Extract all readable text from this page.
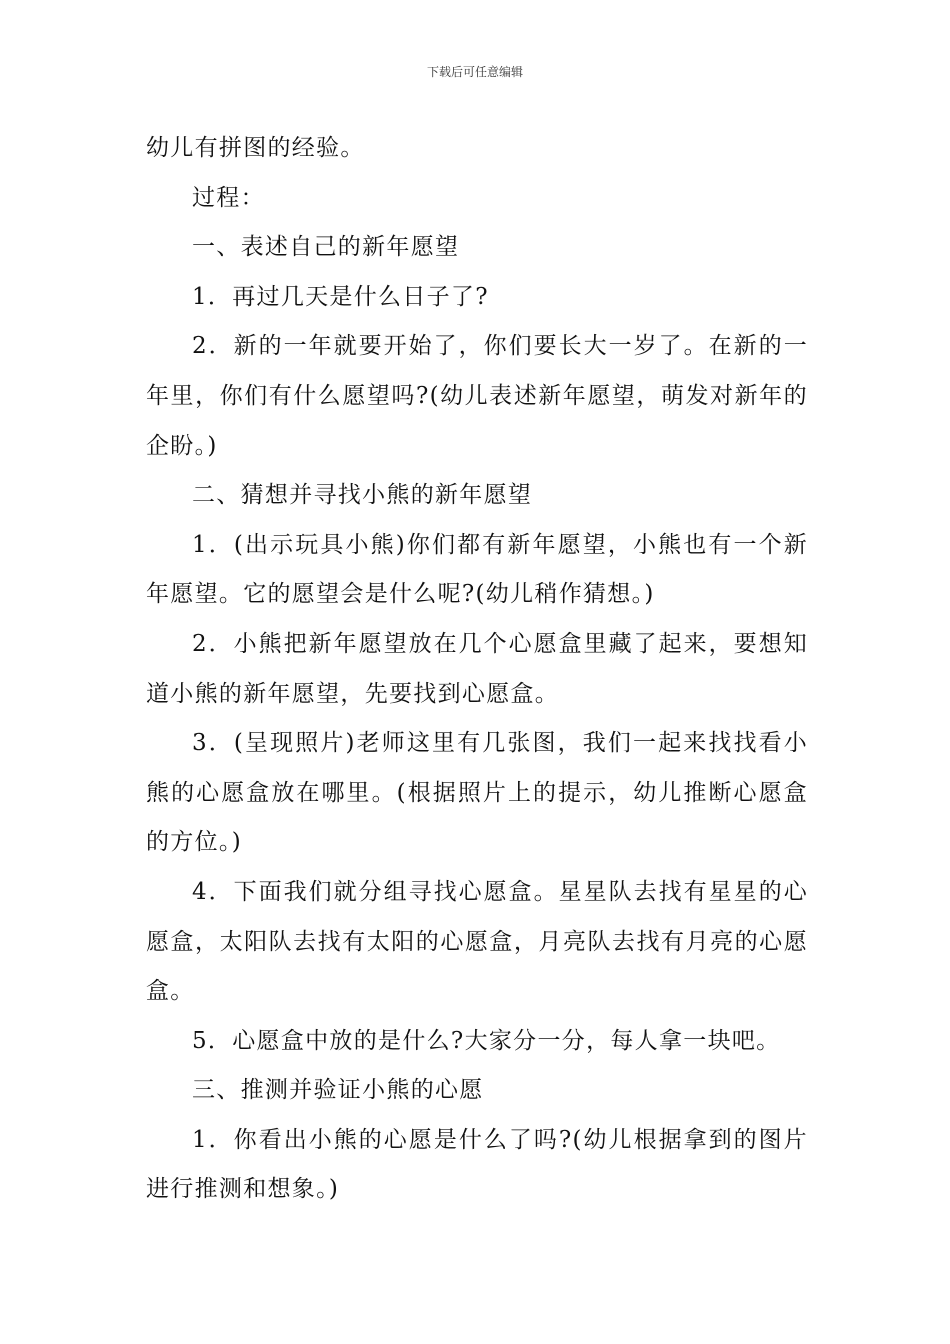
下载后可任意编辑

幼儿有拼图的经验。

过程：

一、表述自己的新年愿望

1．再过几天是什么日子了?

2．新的一年就要开始了，你们要长大一岁了。在新的一年里，你们有什么愿望吗?(幼儿表述新年愿望，萌发对新年的企盼。)

二、猜想并寻找小熊的新年愿望

1．(出示玩具小熊)你们都有新年愿望，小熊也有一个新年愿望。它的愿望会是什么呢?(幼儿稍作猜想。)

2．小熊把新年愿望放在几个心愿盒里藏了起来，要想知道小熊的新年愿望，先要找到心愿盒。

3．(呈现照片)老师这里有几张图，我们一起来找找看小熊的心愿盒放在哪里。(根据照片上的提示，幼儿推断心愿盒的方位。)

4．下面我们就分组寻找心愿盒。星星队去找有星星的心愿盒，太阳队去找有太阳的心愿盒，月亮队去找有月亮的心愿盒。

5．心愿盒中放的是什么?大家分一分，每人拿一块吧。

三、推测并验证小熊的心愿

1．你看出小熊的心愿是什么了吗?(幼儿根据拿到的图片进行推测和想象。)
